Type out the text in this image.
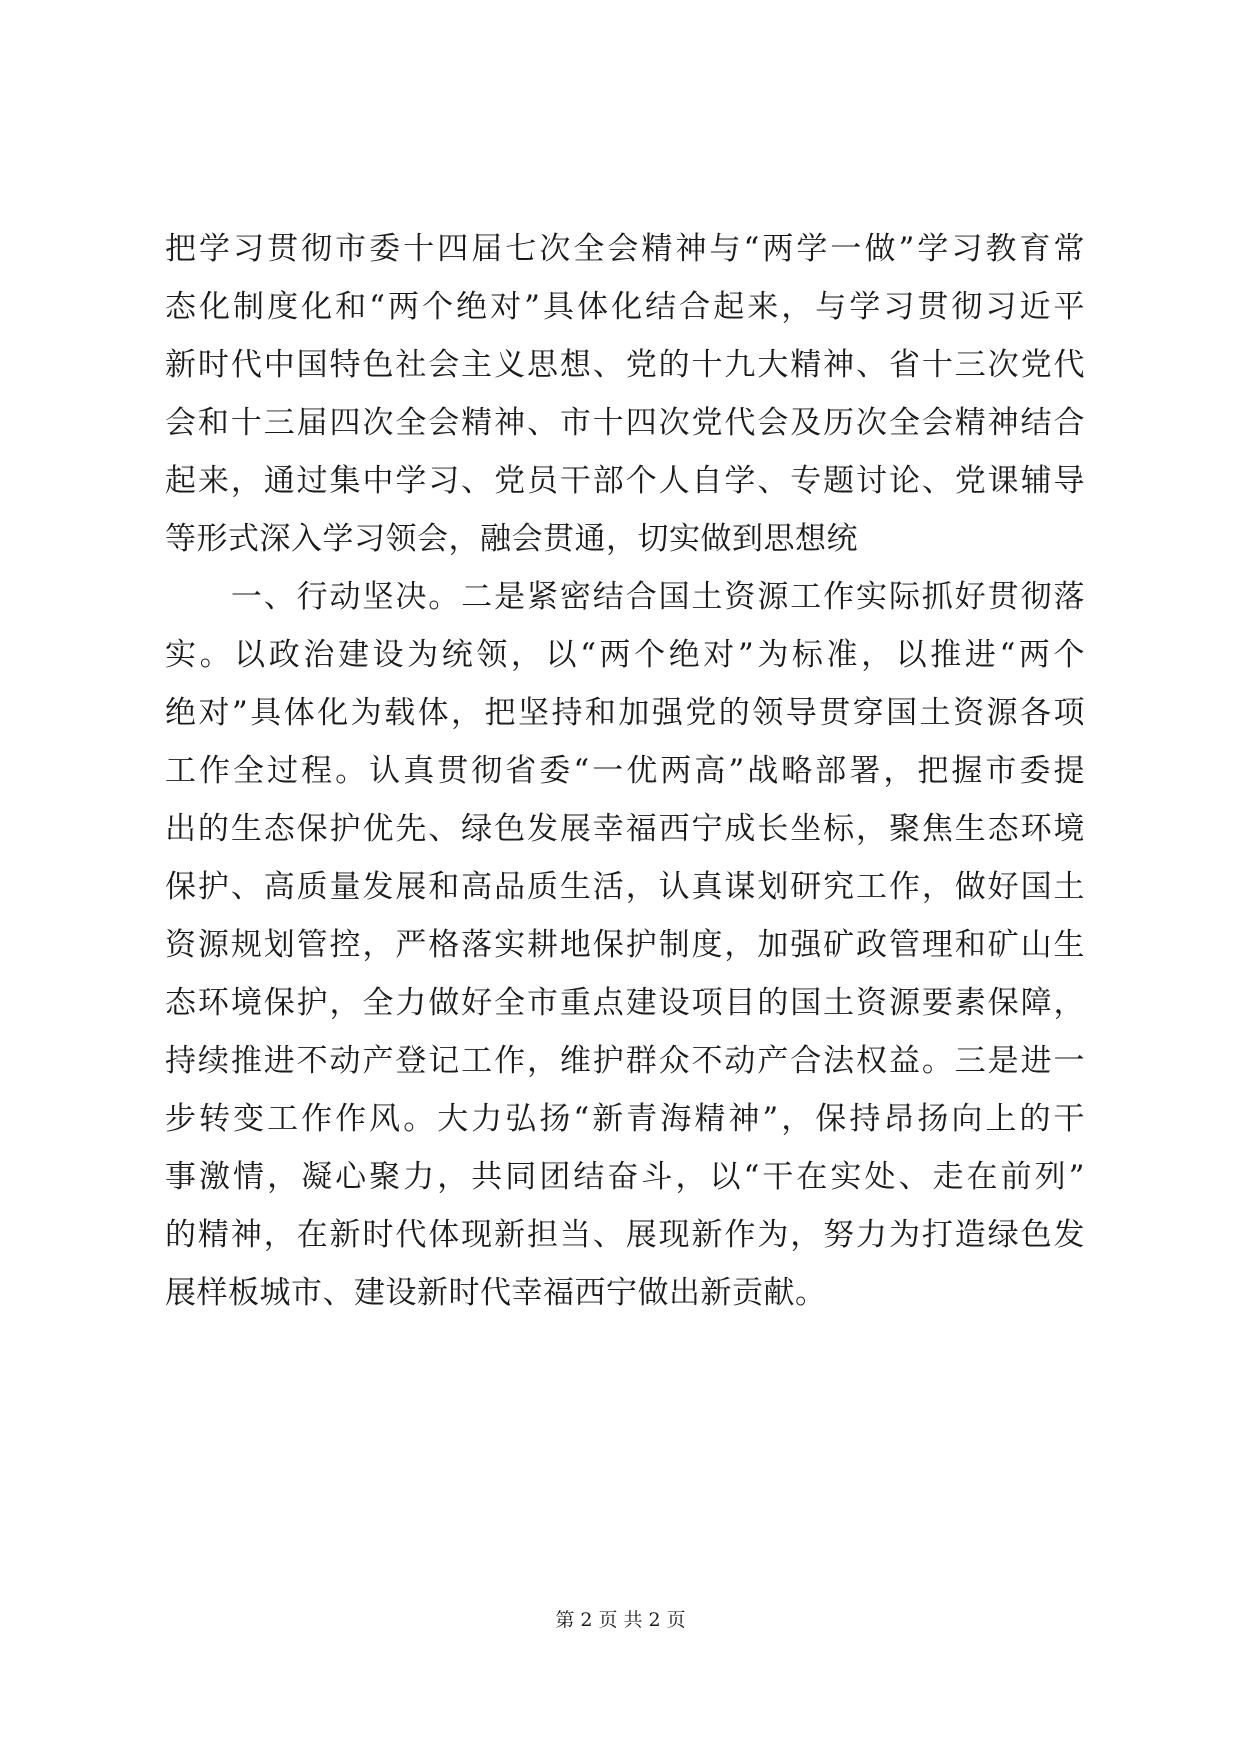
把学习贯彻市委十四届七次全会精神与“两学一做”学习教育常
态化制度化和“两个绝对”具体化结合起来，与学习贯彻习近平
新时代中国特色社会主义思想、党的十九大精神、省十三次党代
会和十三届四次全会精神、市十四次党代会及历次全会精神结合
起来，通过集中学习、党员干部个人自学、专题讨论、党课辅导
等形式深入学习领会，融会贯通，切实做到思想统
　　一、行动坚决。二是紧密结合国土资源工作实际抓好贯彻落
实。以政治建设为统领，以“两个绝对”为标准，以推进“两个
绝对”具体化为载体，把坚持和加强党的领导贯穿国土资源各项
工作全过程。认真贯彻省委“一优两高”战略部署，把握市委提
出的生态保护优先、绿色发展幸福西宁成长坐标，聚焦生态环境
保护、高质量发展和高品质生活，认真谋划研究工作，做好国土
资源规划管控，严格落实耕地保护制度，加强矿政管理和矿山生
态环境保护，全力做好全市重点建设项目的国土资源要素保障，
持续推进不动产登记工作，维护群众不动产合法权益。三是进一
步转变工作作风。大力弘扬“新青海精神”，保持昂扬向上的干
事激情，凝心聚力，共同团结奋斗，以“干在实处、走在前列”
的精神，在新时代体现新担当、展现新作为，努力为打造绿色发
展样板城市、建设新时代幸福西宁做出新贡献。
第 2 页 共 2 页
